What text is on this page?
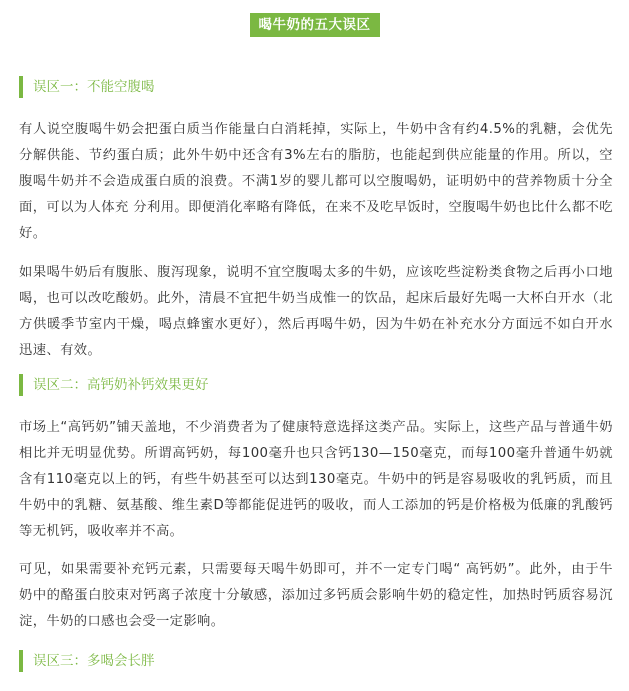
喝牛奶的五大误区
误区一：不能空腹喝

有人说空腹喝牛奶会把蛋白质当作能量白白消耗掉，实际上，牛奶中含有约4.5%的乳糖，会优先分解供能、节约蛋白质；此外牛奶中还含有3%左右的脂肪，也能起到供应能量的作用。所以，空腹喝牛奶并不会造成蛋白质的浪费。不满1岁的婴儿都可以空腹喝奶，证明奶中的营养物质十分全面，可以为人体充 分利用。即便消化率略有降低，在来不及吃早饭时，空腹喝牛奶也比什么都不吃好。

如果喝牛奶后有腹胀、腹泻现象，说明不宜空腹喝太多的牛奶，应该吃些淀粉类食物之后再小口地喝，也可以改吃酸奶。此外，清晨不宜把牛奶当成惟一的饮品，起床后最好先喝一大杯白开水（北方供暖季节室内干燥，喝点蜂蜜水更好），然后再喝牛奶，因为牛奶在补充水分方面远不如白开水迅速、有效。

误区二：高钙奶补钙效果更好

市场上“高钙奶”铺天盖地，不少消费者为了健康特意选择这类产品。实际上，这些产品与普通牛奶相比并无明显优势。所谓高钙奶，每100毫升也只含钙130—150毫克，而每100毫升普通牛奶就含有110毫克以上的钙，有些牛奶甚至可以达到130毫克。牛奶中的钙是容易吸收的乳钙质，而且牛奶中的乳糖、氨基酸、维生素D等都能促进钙的吸收，而人工添加的钙是价格极为低廉的乳酸钙等无机钙，吸收率并不高。

可见，如果需要补充钙元素，只需要每天喝牛奶即可，并不一定专门喝“ 高钙奶”。此外，由于牛奶中的酪蛋白胶束对钙离子浓度十分敏感，添加过多钙质会影响牛奶的稳定性，加热时钙质容易沉淀，牛奶的口感也会受一定影响。

误区三：多喝会长胖
